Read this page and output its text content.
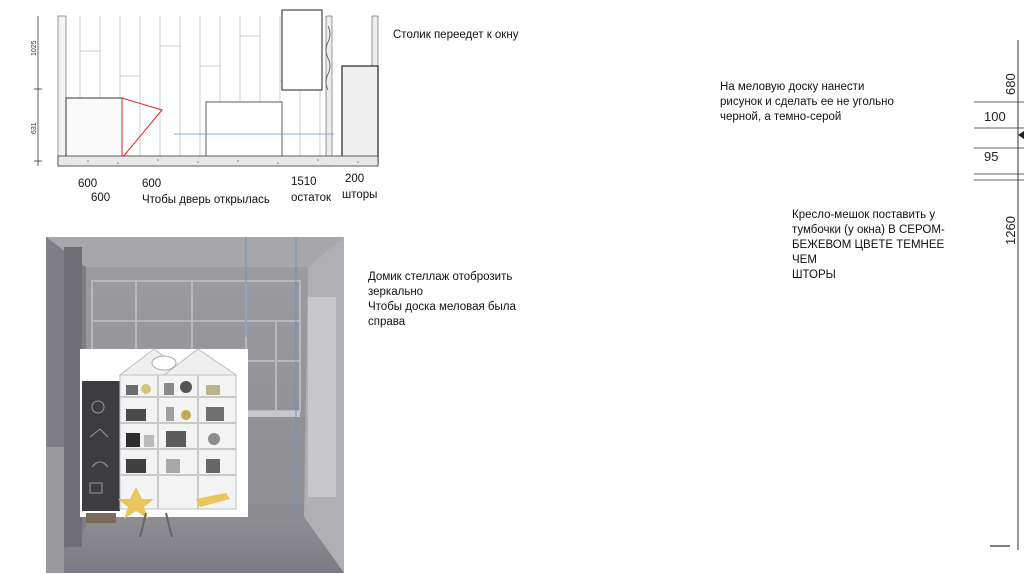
1025
631
600
600
600
Чтобы дверь открылась
1510
остаток
200
шторы
Столик переедет к окну
На меловую доску нанести
рисунок и сделать ее не угольно
черной, а темно-серой
Кресло-мешок поставить у
тумбочки (у окна) В СЕРОМ-
БЕЖЕВОМ ЦВЕТЕ ТЕМНЕЕ ЧЕМ
ШТОРЫ
Домик стеллаж отоброзить
зеркально
Чтобы доска меловая была
справа
680
100
95
1260
